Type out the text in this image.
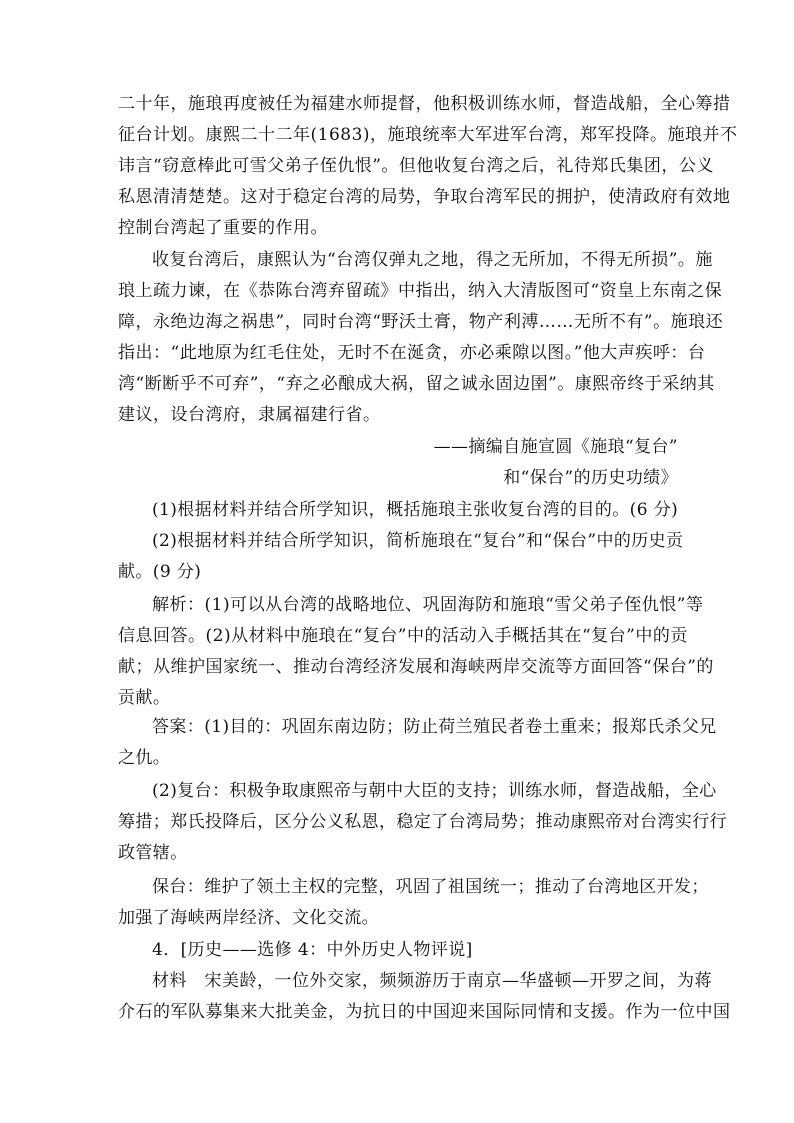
二十年，施琅再度被任为福建水师提督，他积极训练水师，督造战船，全心筹措
征台计划。康熙二十二年(1683)，施琅统率大军进军台湾，郑军投降。施琅并不
讳言“窃意棒此可雪父弟子侄仇恨”。但他收复台湾之后，礼待郑氏集团，公义
私恩清清楚楚。这对于稳定台湾的局势，争取台湾军民的拥护，使清政府有效地
控制台湾起了重要的作用。
收复台湾后，康熙认为“台湾仅弹丸之地，得之无所加，不得无所损”。施
琅上疏力谏，在《恭陈台湾弃留疏》中指出，纳入大清版图可“资皇上东南之保
障，永绝边海之祸患”，同时台湾“野沃土膏，物产利溥……无所不有”。施琅还
指出：“此地原为红毛住处，无时不在涎贪，亦必乘隙以图。”他大声疾呼：台
湾“断断乎不可弃”，“弃之必酿成大祸，留之诚永固边圉”。康熙帝终于采纳其
建议，设台湾府，隶属福建行省。
——摘编自施宣圆《施琅“复台”
和“保台”的历史功绩》
(1)根据材料并结合所学知识，概括施琅主张收复台湾的目的。(6 分)
(2)根据材料并结合所学知识，简析施琅在“复台”和“保台”中的历史贡
献。(9 分)
解析：(1)可以从台湾的战略地位、巩固海防和施琅“雪父弟子侄仇恨”等
信息回答。(2)从材料中施琅在“复台”中的活动入手概括其在“复台”中的贡
献；从维护国家统一、推动台湾经济发展和海峡两岸交流等方面回答“保台”的
贡献。
答案：(1)目的：巩固东南边防；防止荷兰殖民者卷土重来；报郑氏杀父兄
之仇。
(2)复台：积极争取康熙帝与朝中大臣的支持；训练水师，督造战船，全心
筹措；郑氏投降后，区分公义私恩，稳定了台湾局势；推动康熙帝对台湾实行行
政管辖。
保台：维护了领土主权的完整，巩固了祖国统一；推动了台湾地区开发；
加强了海峡两岸经济、文化交流。
4．[历史——选修 4：中外历史人物评说]
材料　宋美龄，一位外交家，频频游历于南京—华盛顿—开罗之间，为蒋
介石的军队募集来大批美金，为抗日的中国迎来国际同情和支援。作为一位中国
